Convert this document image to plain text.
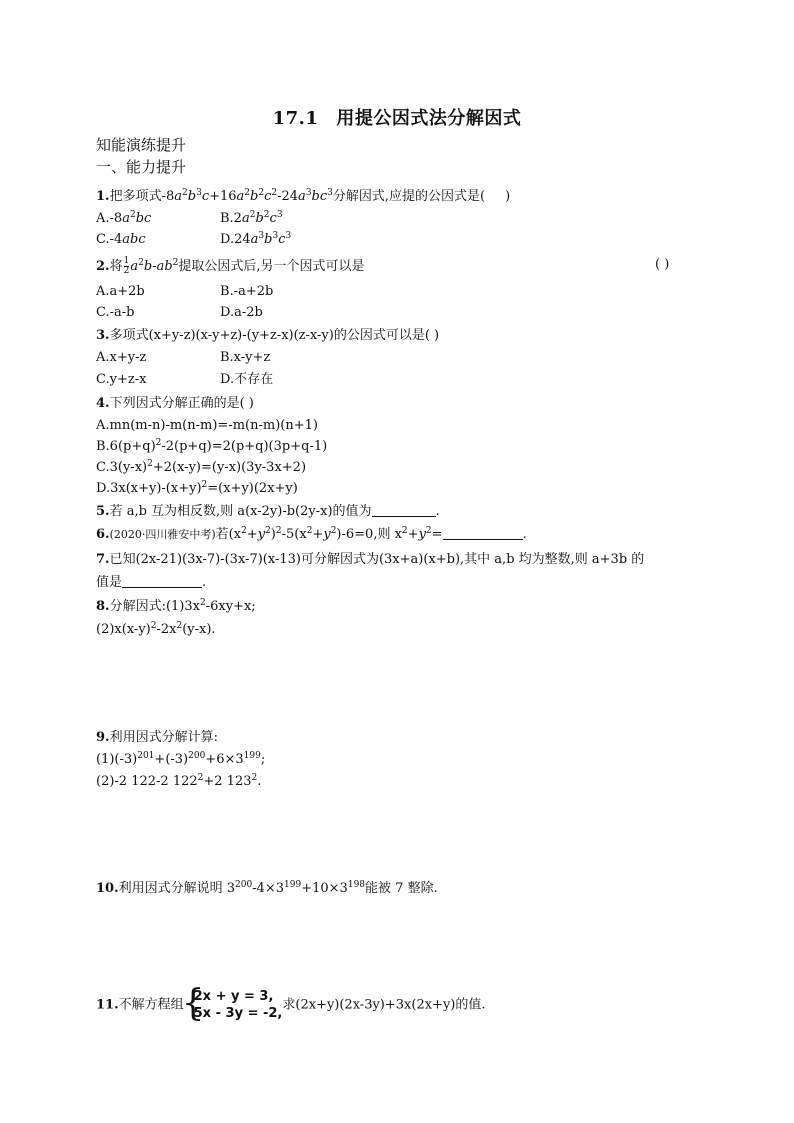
17.1 用提公因式法分解因式
知能演练提升
一、能力提升
1.把多项式$-8a^2b^3c+16a^2b^2c^2-24a^3bc^3$分解因式,应提的公因式是( )
$A.-8a^2bc$	$B.2a^2b^2c^3$
C.-4abc	$D.24a^3b^3c^3$
2.将 $\frac{1}{2} a^2b-ab^2$提取公因式后,另一个因式可以是	( )
A.a+2b	B.-a+2b
C.-a-b	D.a-2b
3.多项式(x+y-z)(x-y+z)-(y+z-x)(z-x-y)的公因式可以是( )
A.x+y-z	B.x-y+z
C.y+z-x	D.不存在
4.下列因式分解正确的是( )
A.mn(m-n)-m(n-m)=-m(n-m)(n+1)
$B.6(p+q)^2-2(p+q)=2(p+q)(3p+q-1)$
$C.3(y-x)^2+2(x-y)=(y-x)(3y-3x+2)$
$D.3x(x+y)-(x+y)^2=(x+y)(2x+y)$
5.若 a,b 互为相反数,则 a(x-2y)-b(2y-x)的值为	.
6.(2020·四川雅安中考)若$(x^2+y^2)^2-5(x^2+y^2)-6=0$,则 $x^2+y^2=$	.
7.已知(2x-21)(3x-7)-(3x-7)(x-13)可分解因式为(3x+a)(x+b),其中 a,b 均为整数,则 a+3b 的
值是	.
8.分解因式$:(1)3x^2-6xy+x$;
$(2)x(x-y)^2-2x^2(y-x)$.
9.利用因式分解计算:
$(1)(-3)^{201}+(-3)^{200}+6\times 3^{199}$;
(2)-2 122-2 $122^2+2$ $123^2$.
10.利用因式分解说明 $3^{200}-4\times 3^{199}+10\times 3^{198}$能被 7 整除.
11.不解方程组
{
2x + y = 3,
5x - 3y = -2,
求(2x+y)(2x-3y)+3x(2x+y)的值.
